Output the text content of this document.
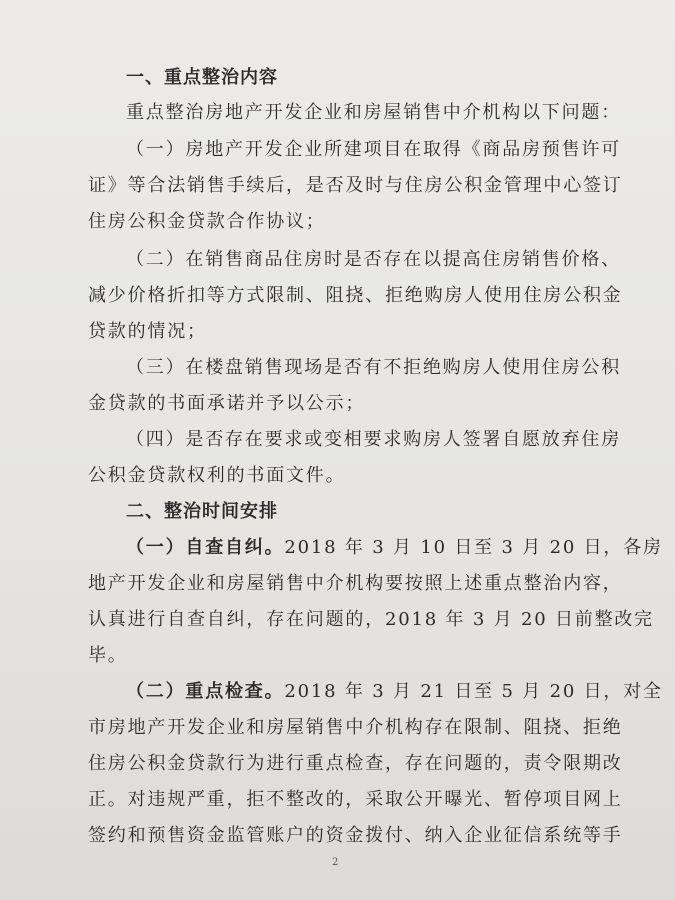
一、重点整治内容
重点整治房地产开发企业和房屋销售中介机构以下问题：
（一）房地产开发企业所建项目在取得《商品房预售许可
证》等合法销售手续后，是否及时与住房公积金管理中心签订
住房公积金贷款合作协议；
（二）在销售商品住房时是否存在以提高住房销售价格、
减少价格折扣等方式限制、阻挠、拒绝购房人使用住房公积金
贷款的情况；
（三）在楼盘销售现场是否有不拒绝购房人使用住房公积
金贷款的书面承诺并予以公示；
（四）是否存在要求或变相要求购房人签署自愿放弃住房
公积金贷款权利的书面文件。
二、整治时间安排
（一）自查自纠。2018 年 3 月 10 日至 3 月 20 日，各房
地产开发企业和房屋销售中介机构要按照上述重点整治内容，
认真进行自查自纠，存在问题的，2018 年 3 月 20 日前整改完
毕。
（二）重点检查。2018 年 3 月 21 日至 5 月 20 日，对全
市房地产开发企业和房屋销售中介机构存在限制、阻挠、拒绝
住房公积金贷款行为进行重点检查，存在问题的，责令限期改
正。对违规严重，拒不整改的，采取公开曝光、暂停项目网上
签约和预售资金监管账户的资金拨付、纳入企业征信系统等手
2
